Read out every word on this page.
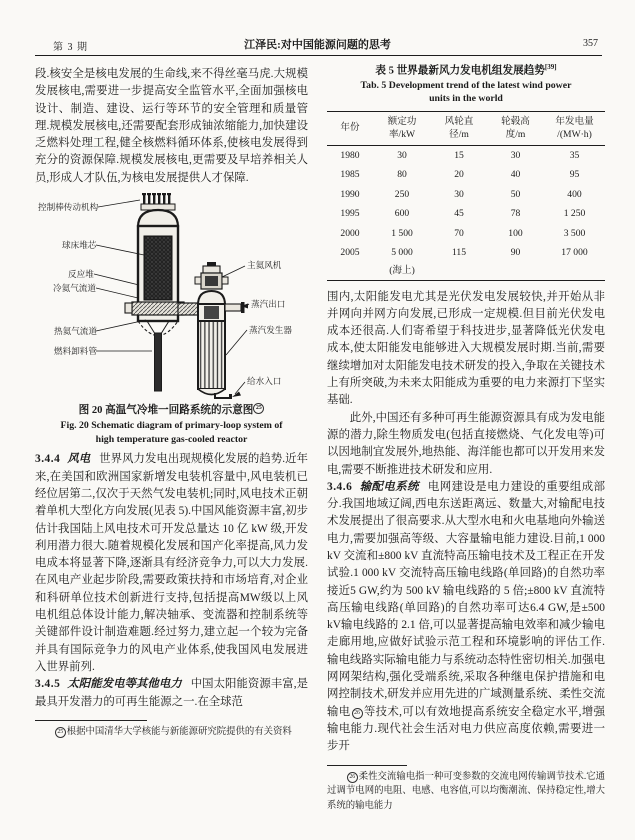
第 3 期	江泽民:对中国能源问题的思考	357

段.核安全是核电发展的生命线,来不得丝毫马虎.大规模发展核电,需要进一步提高安全监管水平,全面加强核电设计、制造、建设、运行等环节的安全管理和质量管理.规模发展核电,还需要配套形成铀浓缩能力,加快建设乏燃料处理工程,健全核燃料循环体系,使核电发展得到充分的资源保障.规模发展核电,更需要及早培养相关人员,形成人才队伍,为核电发展提供人才保障.

控制棒传动机构
球床堆芯
反应堆
冷氦气流道
热氦气流道
燃料卸料管
主氦风机
蒸汽出口
蒸汽发生器
给水入口
图 20 高温气冷堆一回路系统的示意图 25
Fig. 20 Schematic diagram of primary-loop system of
high temperature gas-cooled reactor

3.4.4 风电 世界风力发电出现规模化发展的趋势.近年来,在美国和欧洲国家新增发电装机容量中,风电装机已经位居第二,仅次于天然气发电装机;同时,风电技术正朝着单机大型化方向发展(见表 5).中国风能资源丰富,初步估计我国陆上风电技术可开发总量达 10 亿 kW 级,开发利用潜力很大.随着规模化发展和国产化率提高,风力发电成本将显著下降,逐渐具有经济竞争力,可以大力发展.在风电产业起步阶段,需要政策扶持和市场培育,对企业和科研单位技术创新进行支持,包括提高MW级以上风电机组总体设计能力,解决轴承、变流器和控制系统等关键部件设计制造难题.经过努力,建立起一个较为完备并具有国际竞争力的风电产业体系,使我国风电发展进入世界前列.

3.4.5 太阳能发电等其他电力 中国太阳能资源丰富,是最具开发潜力的可再生能源之一.在全球范

25 根据中国清华大学核能与新能源研究院提供的有关资料

表 5 世界最新风力发电机组发展趋势[39]
Tab. 5 Development trend of the latest wind power
units in the world
年份

额定功
率/kW

风轮直
径/m

轮毂高
度/m

年发电量
/(MW·h)

1980	30	15	30	35
1985	80	20	40	95
1990	250	30	50	400
1995	600	45	78	1 250
2000	1 500	70	100	3 500
2005	5 000	115	90	17 000
	(海上)			

围内,太阳能发电尤其是光伏发电发展较快,并开始从非并网向并网方向发展,已形成一定规模.但目前光伏发电成本还很高.人们寄希望于科技进步,显著降低光伏发电成本,使太阳能发电能够进入大规模发展时期.当前,需要继续增加对太阳能发电技术研发的投入,争取在关键技术上有所突破,为未来太阳能成为重要的电力来源打下坚实基础.

此外,中国还有多种可再生能源资源具有成为发电能源的潜力,除生物质发电(包括直接燃烧、气化发电等)可以因地制宜发展外,地热能、海洋能也都可以开发用来发电,需要不断推进技术研发和应用.

3.4.6 输配电系统 电网建设是电力建设的重要组成部分.我国地域辽阔,西电东送距离远、数量大,对输配电技术发展提出了很高要求.从大型水电和火电基地向外输送电力,需要加强高等级、大容量输电能力建设.目前,1 000 kV 交流和±800 kV 直流特高压输电技术及工程正在开发试验.1 000 kV 交流特高压输电线路(单回路)的自然功率接近5 GW,约为 500 kV 输电线路的 5 倍;±800 kV 直流特高压输电线路(单回路)的自然功率可达6.4 GW,是±500 kV输电线路的 2.1 倍,可以显著提高输电效率和减少输电走廊用地,应做好试验示范工程和环境影响的评估工作.输电线路实际输电能力与系统动态特性密切相关.加强电网网架结构,强化受端系统,采取各种继电保护措施和电网控制技术,研发并应用先进的广域测量系统、柔性交流输电 26 等技术,可以有效地提高系统安全稳定水平,增强输电能力.现代社会生活对电力供应高度依赖,需要进一步开

26 柔性交流输电指一种可变参数的交流电网传输调节技术.它通过调节电网的电阻、电感、电容值,可以均衡潮流、保持稳定性,增大系统的输电能力
